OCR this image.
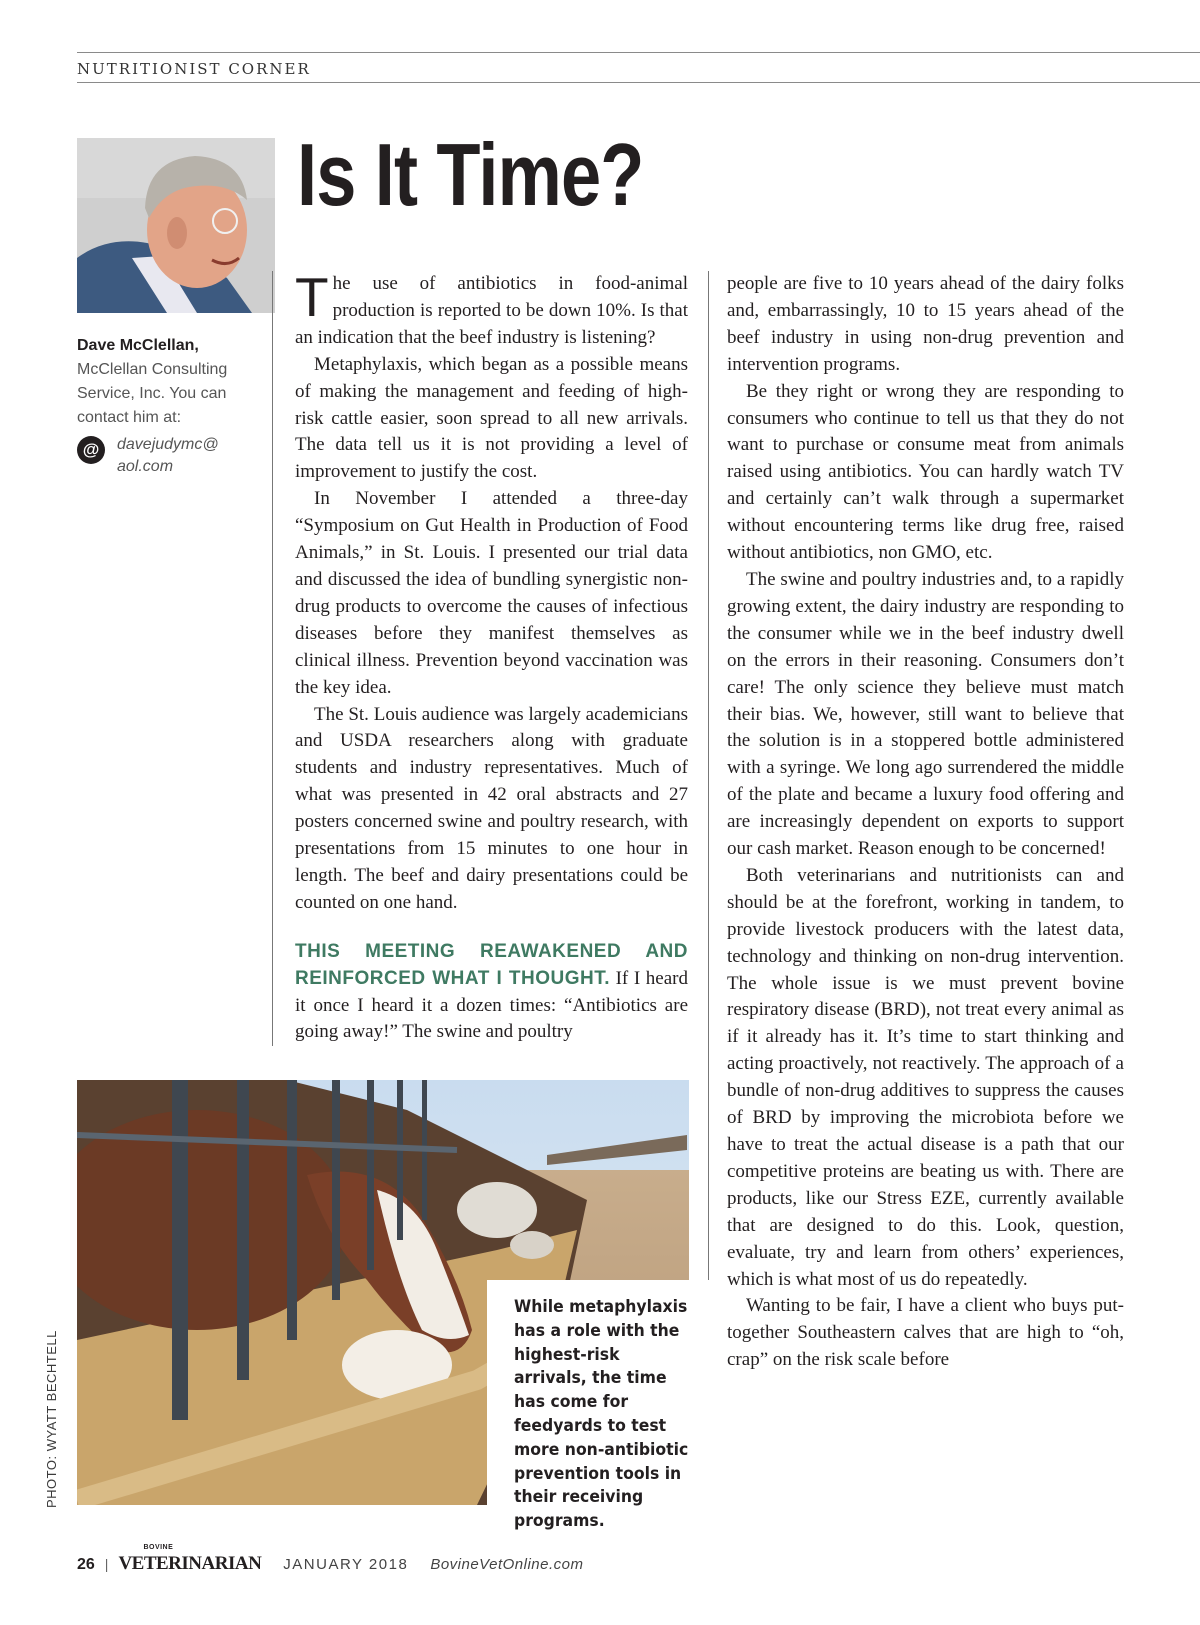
NUTRITIONIST CORNER
Dave McClellan,
McClellan Consulting Service, Inc. You can contact him at:
@	davejudymc@
aol.com
Is It Time?

The use of antibiotics in food-animal production is reported to be down 10%. Is that an indication that the beef industry is listening?

Metaphylaxis, which began as a possible means of making the management and feeding of high-risk cattle easier, soon spread to all new arrivals. The data tell us it is not providing a level of improvement to justify the cost.

In November I attended a three-day “Symposium on Gut Health in Production of Food Animals,” in St. Louis. I presented our trial data and discussed the idea of bundling synergistic non-drug products to overcome the causes of infectious diseases before they manifest themselves as clinical illness. Prevention beyond vaccination was the key idea.

The St. Louis audience was largely academicians and USDA researchers along with graduate students and industry representatives. Much of what was presented in 42 oral abstracts and 27 posters concerned swine and poultry research, with presentations from 15 minutes to one hour in length. The beef and dairy presentations could be counted on one hand.

THIS MEETING REAWAKENED AND REINFORCED WHAT I THOUGHT. If I heard it once I heard it a dozen times: “Antibiotics are going away!” The swine and poultry

people are five to 10 years ahead of the dairy folks and, embarrassingly, 10 to 15 years ahead of the beef industry in using non-drug prevention and intervention programs.

Be they right or wrong they are responding to consumers who continue to tell us that they do not want to purchase or consume meat from animals raised using antibiotics. You can hardly watch TV and certainly can’t walk through a supermarket without encountering terms like drug free, raised without antibiotics, non GMO, etc.

The swine and poultry industries and, to a rapidly growing extent, the dairy industry are responding to the consumer while we in the beef industry dwell on the errors in their reasoning. Consumers don’t care! The only science they believe must match their bias. We, however, still want to believe that the solution is in a stoppered bottle administered with a syringe. We long ago surrendered the middle of the plate and became a luxury food offering and are increasingly dependent on exports to support our cash market. Reason enough to be concerned!

Both veterinarians and nutritionists can and should be at the forefront, working in tandem, to provide livestock producers with the latest data, technology and thinking on non-drug intervention. The whole issue is we must prevent bovine respiratory disease (BRD), not treat every animal as if it already has it. It’s time to start thinking and acting proactively, not reactively. The approach of a bundle of non-drug additives to suppress the causes of BRD by improving the microbiota before we have to treat the actual disease is a path that our competitive proteins are beating us with. There are products, like our Stress EZE, currently available that are designed to do this. Look, question, evaluate, try and learn from others’ experiences, which is what most of us do repeatedly.

Wanting to be fair, I have a client who buys put-together Southeastern calves that are high to “oh, crap” on the risk scale before

While metaphylaxis has a role with the highest-risk arrivals, the time has come for feedyards to test more non-antibiotic prevention tools in their receiving programs.
PHOTO: WYATT BECHTELL
26 |
BOVINE
VETERINARIAN JANUARY 2018 BovineVetOnline.com
